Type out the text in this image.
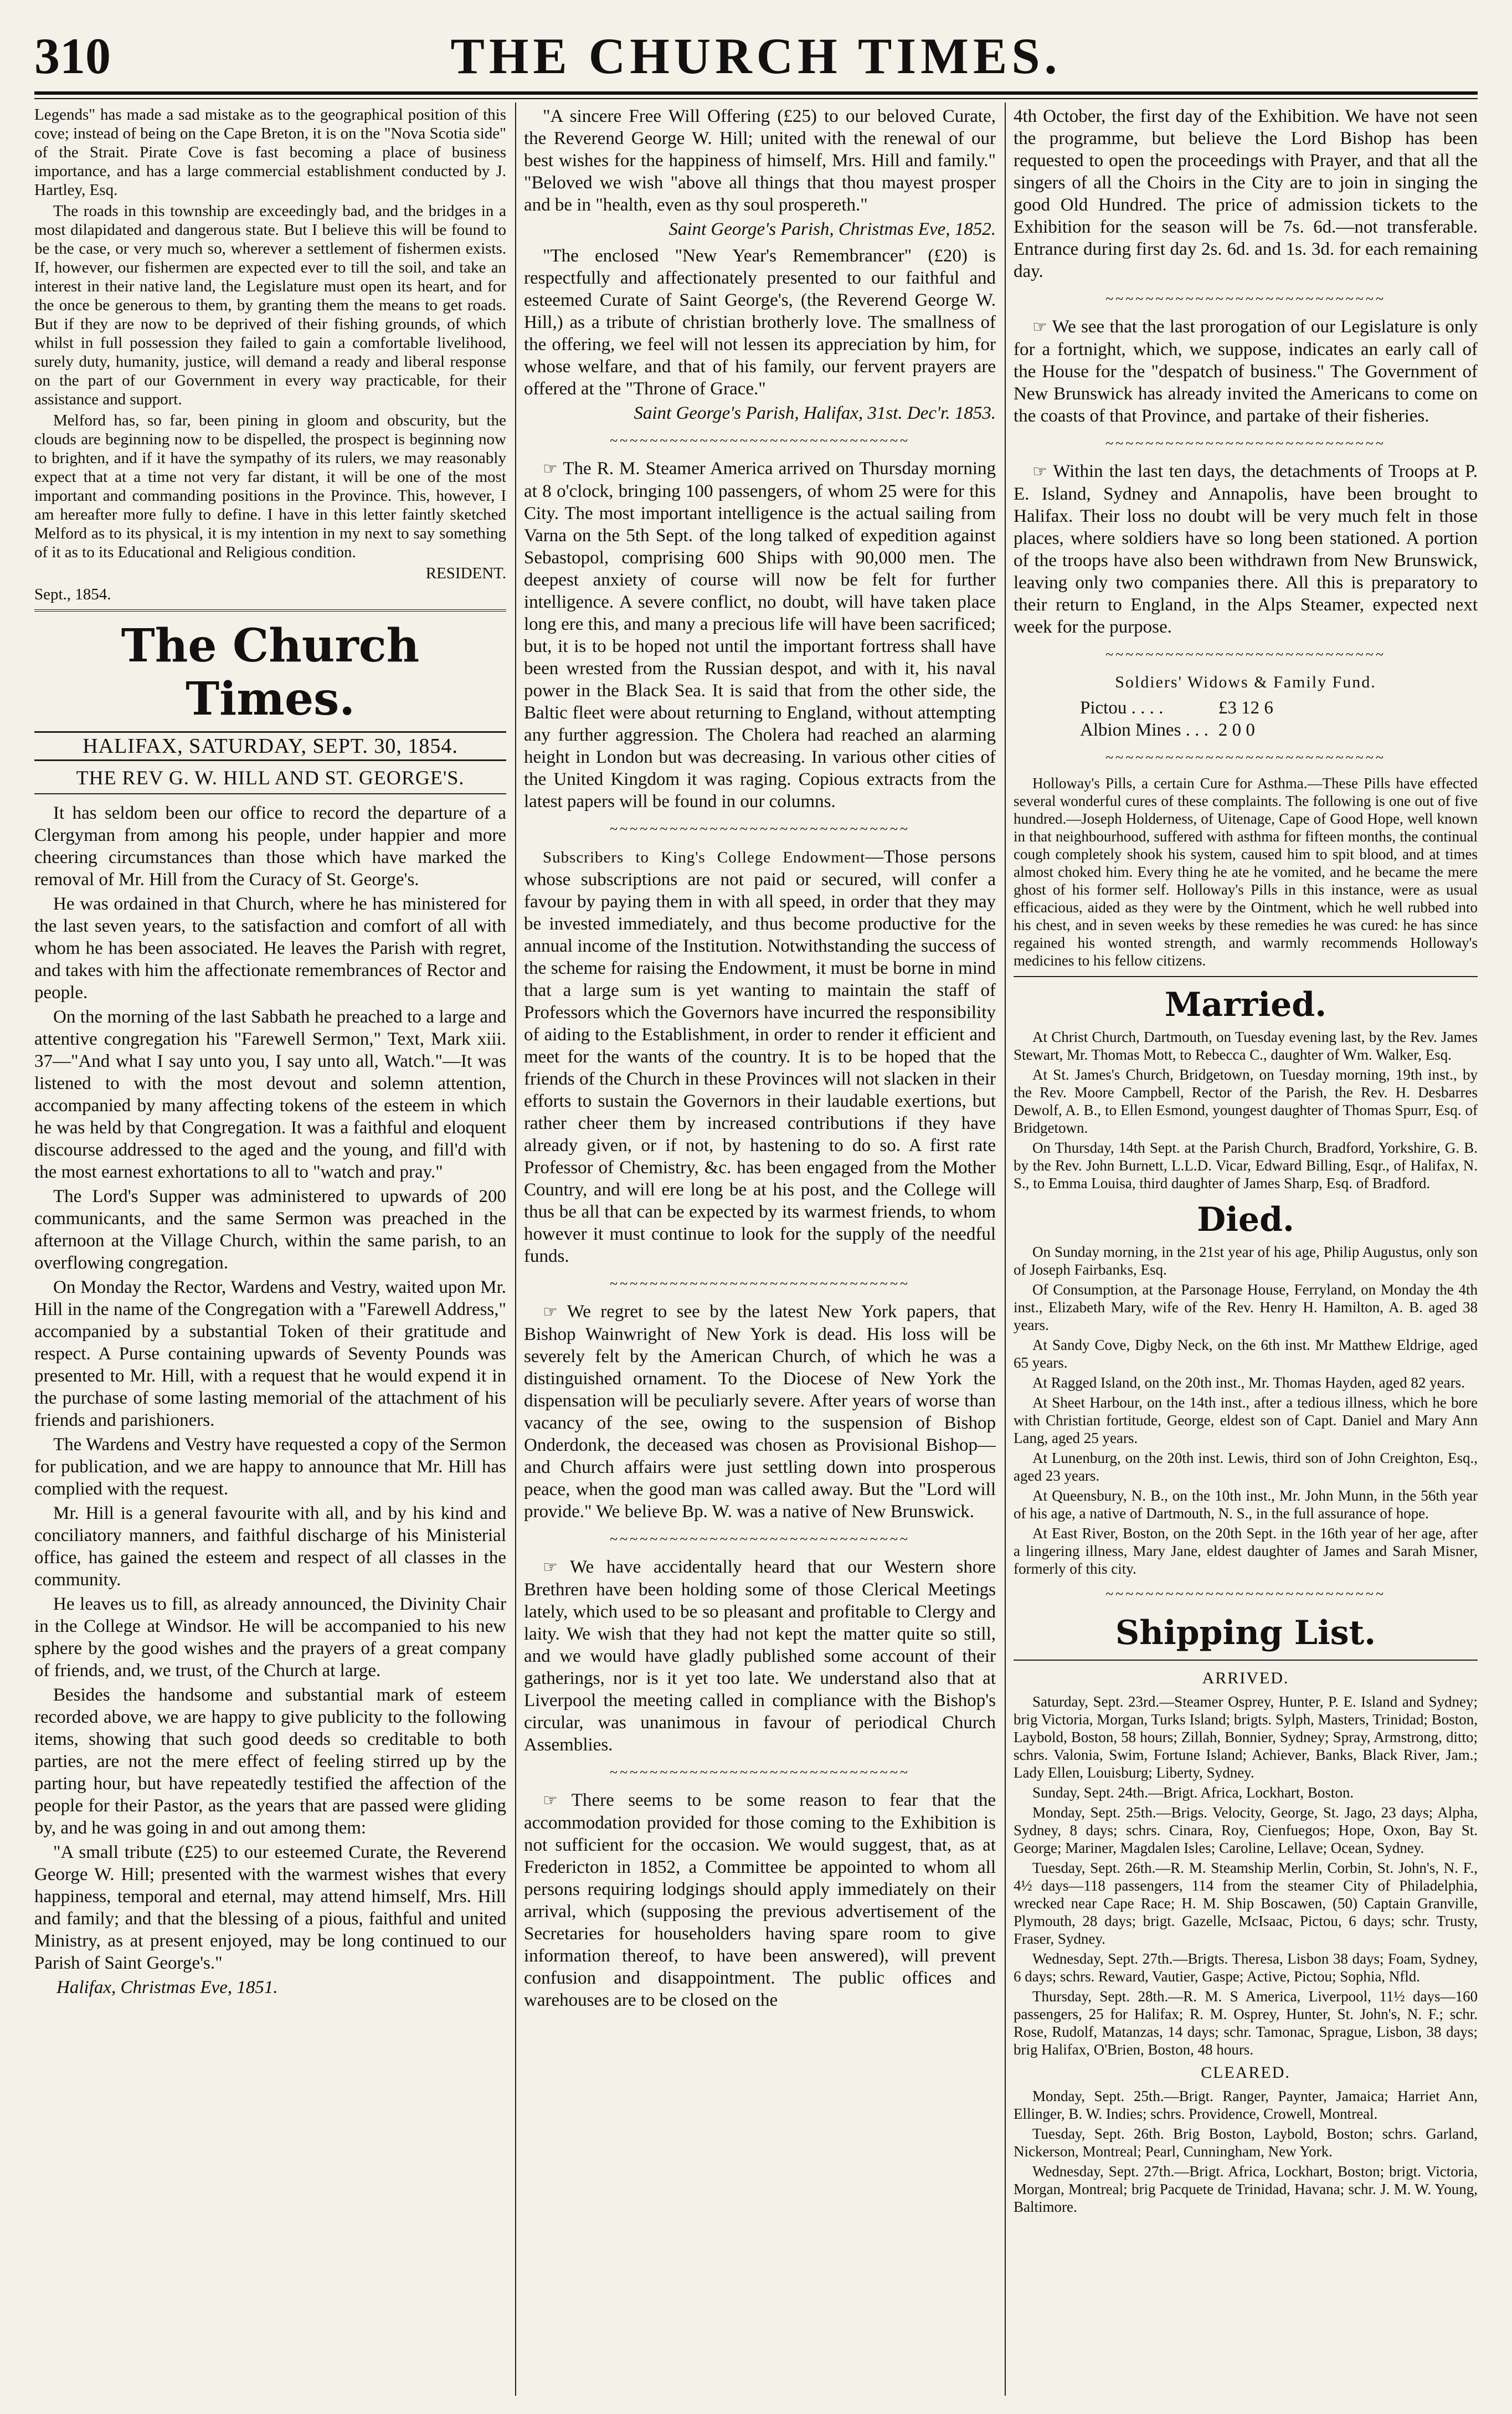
310	THE CHURCH TIMES.

Legends" has made a sad mistake as to the geographical position of this cove; instead of being on the Cape Breton, it is on the "Nova Scotia side" of the Strait. Pirate Cove is fast becoming a place of business importance, and has a large commercial establishment conducted by J. Hartley, Esq.

The roads in this township are exceedingly bad, and the bridges in a most dilapidated and dangerous state. But I believe this will be found to be the case, or very much so, wherever a settlement of fishermen exists. If, however, our fishermen are expected ever to till the soil, and take an interest in their native land, the Legislature must open its heart, and for the once be generous to them, by granting them the means to get roads. But if they are now to be deprived of their fishing grounds, of which whilst in full possession they failed to gain a comfortable livelihood, surely duty, humanity, justice, will demand a ready and liberal response on the part of our Government in every way practicable, for their assistance and support.

Melford has, so far, been pining in gloom and obscurity, but the clouds are beginning now to be dispelled, the prospect is beginning now to brighten, and if it have the sympathy of its rulers, we may reasonably expect that at a time not very far distant, it will be one of the most important and commanding positions in the Province. This, however, I am hereafter more fully to define. I have in this letter faintly sketched Melford as to its physical, it is my intention in my next to say something of it as to its Educational and Religious condition.

RESIDENT.

Sept., 1854.

The Church Times.
HALIFAX, SATURDAY, SEPT. 30, 1854.
THE REV G. W. HILL AND ST. GEORGE'S.

It has seldom been our office to record the departure of a Clergyman from among his people, under happier and more cheering circumstances than those which have marked the removal of Mr. Hill from the Curacy of St. George's.

He was ordained in that Church, where he has ministered for the last seven years, to the satisfaction and comfort of all with whom he has been associated. He leaves the Parish with regret, and takes with him the affectionate remembrances of Rector and people.

On the morning of the last Sabbath he preached to a large and attentive congregation his "Farewell Sermon," Text, Mark xiii. 37—"And what I say unto you, I say unto all, Watch."—It was listened to with the most devout and solemn attention, accompanied by many affecting tokens of the esteem in which he was held by that Congregation. It was a faithful and eloquent discourse addressed to the aged and the young, and fill'd with the most earnest exhortations to all to "watch and pray."

The Lord's Supper was administered to upwards of 200 communicants, and the same Sermon was preached in the afternoon at the Village Church, within the same parish, to an overflowing congregation.

On Monday the Rector, Wardens and Vestry, waited upon Mr. Hill in the name of the Congregation with a "Farewell Address," accompanied by a substantial Token of their gratitude and respect. A Purse containing upwards of Seventy Pounds was presented to Mr. Hill, with a request that he would expend it in the purchase of some lasting memorial of the attachment of his friends and parishioners.

The Wardens and Vestry have requested a copy of the Sermon for publication, and we are happy to announce that Mr. Hill has complied with the request.

Mr. Hill is a general favourite with all, and by his kind and conciliatory manners, and faithful discharge of his Ministerial office, has gained the esteem and respect of all classes in the community.

He leaves us to fill, as already announced, the Divinity Chair in the College at Windsor. He will be accompanied to his new sphere by the good wishes and the prayers of a great company of friends, and, we trust, of the Church at large.

Besides the handsome and substantial mark of esteem recorded above, we are happy to give publicity to the following items, showing that such good deeds so creditable to both parties, are not the mere effect of feeling stirred up by the parting hour, but have repeatedly testified the affection of the people for their Pastor, as the years that are passed were gliding by, and he was going in and out among them:

"A small tribute (£25) to our esteemed Curate, the Reverend George W. Hill; presented with the warmest wishes that every happiness, temporal and eternal, may attend himself, Mrs. Hill and family; and that the blessing of a pious, faithful and united Ministry, as at present enjoyed, may be long continued to our Parish of Saint George's."

Halifax, Christmas Eve, 1851.

"A sincere Free Will Offering (£25) to our beloved Curate, the Reverend George W. Hill; united with the renewal of our best wishes for the happiness of himself, Mrs. Hill and family." "Beloved we wish "above all things that thou mayest prosper and be in "health, even as thy soul prospereth."

Saint George's Parish, Christmas Eve, 1852.

"The enclosed "New Year's Remembrancer" (£20) is respectfully and affectionately presented to our faithful and esteemed Curate of Saint George's, (the Reverend George W. Hill,) as a tribute of christian brotherly love. The smallness of the offering, we feel will not lessen its appreciation by him, for whose welfare, and that of his family, our fervent prayers are offered at the "Throne of Grace."

Saint George's Parish, Halifax, 31st. Dec'r. 1853.

~~~~~~~~~~~~~~~~~~~~~~~~~~~~~~

☞ The R. M. Steamer America arrived on Thursday morning at 8 o'clock, bringing 100 passengers, of whom 25 were for this City. The most important intelligence is the actual sailing from Varna on the 5th Sept. of the long talked of expedition against Sebastopol, comprising 600 Ships with 90,000 men. The deepest anxiety of course will now be felt for further intelligence. A severe conflict, no doubt, will have taken place long ere this, and many a precious life will have been sacrificed; but, it is to be hoped not until the important fortress shall have been wrested from the Russian despot, and with it, his naval power in the Black Sea. It is said that from the other side, the Baltic fleet were about returning to England, without attempting any further aggression. The Cholera had reached an alarming height in London but was decreasing. In various other cities of the United Kingdom it was raging. Copious extracts from the latest papers will be found in our columns.

~~~~~~~~~~~~~~~~~~~~~~~~~~~~~~

Subscribers to King's College Endowment—Those persons whose subscriptions are not paid or secured, will confer a favour by paying them in with all speed, in order that they may be invested immediately, and thus become productive for the annual income of the Institution. Notwithstanding the success of the scheme for raising the Endowment, it must be borne in mind that a large sum is yet wanting to maintain the staff of Professors which the Governors have incurred the responsibility of aiding to the Establishment, in order to render it efficient and meet for the wants of the country. It is to be hoped that the friends of the Church in these Provinces will not slacken in their efforts to sustain the Governors in their laudable exertions, but rather cheer them by increased contributions if they have already given, or if not, by hastening to do so. A first rate Professor of Chemistry, &c. has been engaged from the Mother Country, and will ere long be at his post, and the College will thus be all that can be expected by its warmest friends, to whom however it must continue to look for the supply of the needful funds.

~~~~~~~~~~~~~~~~~~~~~~~~~~~~~~

☞ We regret to see by the latest New York papers, that Bishop Wainwright of New York is dead. His loss will be severely felt by the American Church, of which he was a distinguished ornament. To the Diocese of New York the dispensation will be peculiarly severe. After years of worse than vacancy of the see, owing to the suspension of Bishop Onderdonk, the deceased was chosen as Provisional Bishop—and Church affairs were just settling down into prosperous peace, when the good man was called away. But the "Lord will provide." We believe Bp. W. was a native of New Brunswick.

~~~~~~~~~~~~~~~~~~~~~~~~~~~~~~

☞ We have accidentally heard that our Western shore Brethren have been holding some of those Clerical Meetings lately, which used to be so pleasant and profitable to Clergy and laity. We wish that they had not kept the matter quite so still, and we would have gladly published some account of their gatherings, nor is it yet too late. We understand also that at Liverpool the meeting called in compliance with the Bishop's circular, was unanimous in favour of periodical Church Assemblies.

~~~~~~~~~~~~~~~~~~~~~~~~~~~~~~

☞ There seems to be some reason to fear that the accommodation provided for those coming to the Exhibition is not sufficient for the occasion. We would suggest, that, as at Fredericton in 1852, a Committee be appointed to whom all persons requiring lodgings should apply immediately on their arrival, which (supposing the previous advertisement of the Secretaries for householders having spare room to give information thereof, to have been answered), will prevent confusion and disappointment. The public offices and warehouses are to be closed on the

4th October, the first day of the Exhibition. We have not seen the programme, but believe the Lord Bishop has been requested to open the proceedings with Prayer, and that all the singers of all the Choirs in the City are to join in singing the good Old Hundred. The price of admission tickets to the Exhibition for the season will be 7s. 6d.—not transferable. Entrance during first day 2s. 6d. and 1s. 3d. for each remaining day.

~~~~~~~~~~~~~~~~~~~~~~~~~~~~

☞ We see that the last prorogation of our Legislature is only for a fortnight, which, we suppose, indicates an early call of the House for the "despatch of business." The Government of New Brunswick has already invited the Americans to come on the coasts of that Province, and partake of their fisheries.

~~~~~~~~~~~~~~~~~~~~~~~~~~~~

☞ Within the last ten days, the detachments of Troops at P. E. Island, Sydney and Annapolis, have been brought to Halifax. Their loss no doubt will be very much felt in those places, where soldiers have so long been stationed. A portion of the troops have also been withdrawn from New Brunswick, leaving only two companies there. All this is preparatory to their return to England, in the Alps Steamer, expected next week for the purpose.

~~~~~~~~~~~~~~~~~~~~~~~~~~~~
Soldiers' Widows & Family Fund.
Pictou . . . .	£3 12 6
Albion Mines . . .	2 0 0
~~~~~~~~~~~~~~~~~~~~~~~~~~~~

Holloway's Pills, a certain Cure for Asthma.—These Pills have effected several wonderful cures of these complaints. The following is one out of five hundred.—Joseph Holderness, of Uitenage, Cape of Good Hope, well known in that neighbourhood, suffered with asthma for fifteen months, the continual cough completely shook his system, caused him to spit blood, and at times almost choked him. Every thing he ate he vomited, and he became the mere ghost of his former self. Holloway's Pills in this instance, were as usual efficacious, aided as they were by the Ointment, which he well rubbed into his chest, and in seven weeks by these remedies he was cured: he has since regained his wonted strength, and warmly recommends Holloway's medicines to his fellow citizens.

Married.

At Christ Church, Dartmouth, on Tuesday evening last, by the Rev. James Stewart, Mr. Thomas Mott, to Rebecca C., daughter of Wm. Walker, Esq.

At St. James's Church, Bridgetown, on Tuesday morning, 19th inst., by the Rev. Moore Campbell, Rector of the Parish, the Rev. H. Desbarres Dewolf, A. B., to Ellen Esmond, youngest daughter of Thomas Spurr, Esq. of Bridgetown.

On Thursday, 14th Sept. at the Parish Church, Bradford, Yorkshire, G. B. by the Rev. John Burnett, L.L.D. Vicar, Edward Billing, Esqr., of Halifax, N. S., to Emma Louisa, third daughter of James Sharp, Esq. of Bradford.

Died.

On Sunday morning, in the 21st year of his age, Philip Augustus, only son of Joseph Fairbanks, Esq.

Of Consumption, at the Parsonage House, Ferryland, on Monday the 4th inst., Elizabeth Mary, wife of the Rev. Henry H. Hamilton, A. B. aged 38 years.

At Sandy Cove, Digby Neck, on the 6th inst. Mr Matthew Eldrige, aged 65 years.

At Ragged Island, on the 20th inst., Mr. Thomas Hayden, aged 82 years.

At Sheet Harbour, on the 14th inst., after a tedious illness, which he bore with Christian fortitude, George, eldest son of Capt. Daniel and Mary Ann Lang, aged 25 years.

At Lunenburg, on the 20th inst. Lewis, third son of John Creighton, Esq., aged 23 years.

At Queensbury, N. B., on the 10th inst., Mr. John Munn, in the 56th year of his age, a native of Dartmouth, N. S., in the full assurance of hope.

At East River, Boston, on the 20th Sept. in the 16th year of her age, after a lingering illness, Mary Jane, eldest daughter of James and Sarah Misner, formerly of this city.

~~~~~~~~~~~~~~~~~~~~~~~~~~~~
Shipping List.
ARRIVED.

Saturday, Sept. 23rd.—Steamer Osprey, Hunter, P. E. Island and Sydney; brig Victoria, Morgan, Turks Island; brigts. Sylph, Masters, Trinidad; Boston, Laybold, Boston, 58 hours; Zillah, Bonnier, Sydney; Spray, Armstrong, ditto; schrs. Valonia, Swim, Fortune Island; Achiever, Banks, Black River, Jam.; Lady Ellen, Louisburg; Liberty, Sydney.

Sunday, Sept. 24th.—Brigt. Africa, Lockhart, Boston.

Monday, Sept. 25th.—Brigs. Velocity, George, St. Jago, 23 days; Alpha, Sydney, 8 days; schrs. Cinara, Roy, Cienfuegos; Hope, Oxon, Bay St. George; Mariner, Magdalen Isles; Caroline, Lellave; Ocean, Sydney.

Tuesday, Sept. 26th.—R. M. Steamship Merlin, Corbin, St. John's, N. F., 4½ days—118 passengers, 114 from the steamer City of Philadelphia, wrecked near Cape Race; H. M. Ship Boscawen, (50) Captain Granville, Plymouth, 28 days; brigt. Gazelle, McIsaac, Pictou, 6 days; schr. Trusty, Fraser, Sydney.

Wednesday, Sept. 27th.—Brigts. Theresa, Lisbon 38 days; Foam, Sydney, 6 days; schrs. Reward, Vautier, Gaspe; Active, Pictou; Sophia, Nfld.

Thursday, Sept. 28th.—R. M. S America, Liverpool, 11½ days—160 passengers, 25 for Halifax; R. M. Osprey, Hunter, St. John's, N. F.; schr. Rose, Rudolf, Matanzas, 14 days; schr. Tamonac, Sprague, Lisbon, 38 days; brig Halifax, O'Brien, Boston, 48 hours.

CLEARED.

Monday, Sept. 25th.—Brigt. Ranger, Paynter, Jamaica; Harriet Ann, Ellinger, B. W. Indies; schrs. Providence, Crowell, Montreal.

Tuesday, Sept. 26th. Brig Boston, Laybold, Boston; schrs. Garland, Nickerson, Montreal; Pearl, Cunningham, New York.

Wednesday, Sept. 27th.—Brigt. Africa, Lockhart, Boston; brigt. Victoria, Morgan, Montreal; brig Pacquete de Trinidad, Havana; schr. J. M. W. Young, Baltimore.
